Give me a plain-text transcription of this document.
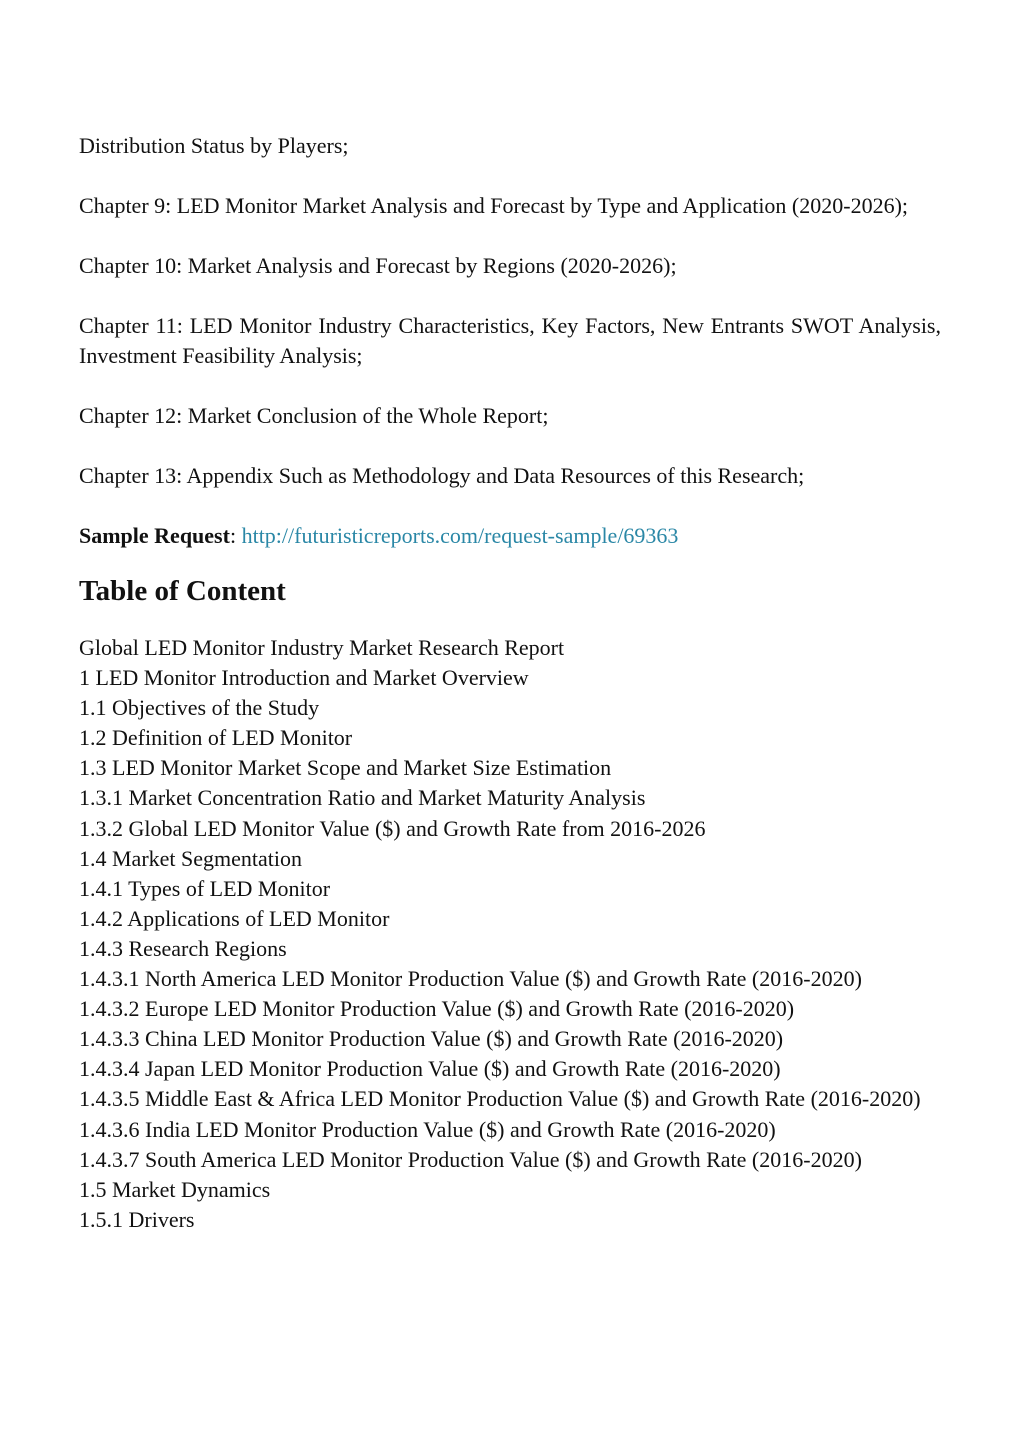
Distribution Status by Players;

Chapter 9: LED Monitor Market Analysis and Forecast by Type and Application (2020-2026);

Chapter 10: Market Analysis and Forecast by Regions (2020-2026);

Chapter 11: LED Monitor Industry Characteristics, Key Factors, New Entrants SWOT Analysis, Investment Feasibility Analysis;

Chapter 12: Market Conclusion of the Whole Report;

Chapter 13: Appendix Such as Methodology and Data Resources of this Research;

Sample Request: http://futuristicreports.com/request-sample/69363

Table of Content
Global LED Monitor Industry Market Research Report
1 LED Monitor Introduction and Market Overview
1.1 Objectives of the Study
1.2 Definition of LED Monitor
1.3 LED Monitor Market Scope and Market Size Estimation
1.3.1 Market Concentration Ratio and Market Maturity Analysis
1.3.2 Global LED Monitor Value ($) and Growth Rate from 2016-2026
1.4 Market Segmentation
1.4.1 Types of LED Monitor
1.4.2 Applications of LED Monitor
1.4.3 Research Regions
1.4.3.1 North America LED Monitor Production Value ($) and Growth Rate (2016-2020)
1.4.3.2 Europe LED Monitor Production Value ($) and Growth Rate (2016-2020)
1.4.3.3 China LED Monitor Production Value ($) and Growth Rate (2016-2020)
1.4.3.4 Japan LED Monitor Production Value ($) and Growth Rate (2016-2020)
1.4.3.5 Middle East & Africa LED Monitor Production Value ($) and Growth Rate (2016-2020)
1.4.3.6 India LED Monitor Production Value ($) and Growth Rate (2016-2020)
1.4.3.7 South America LED Monitor Production Value ($) and Growth Rate (2016-2020)
1.5 Market Dynamics
1.5.1 Drivers
